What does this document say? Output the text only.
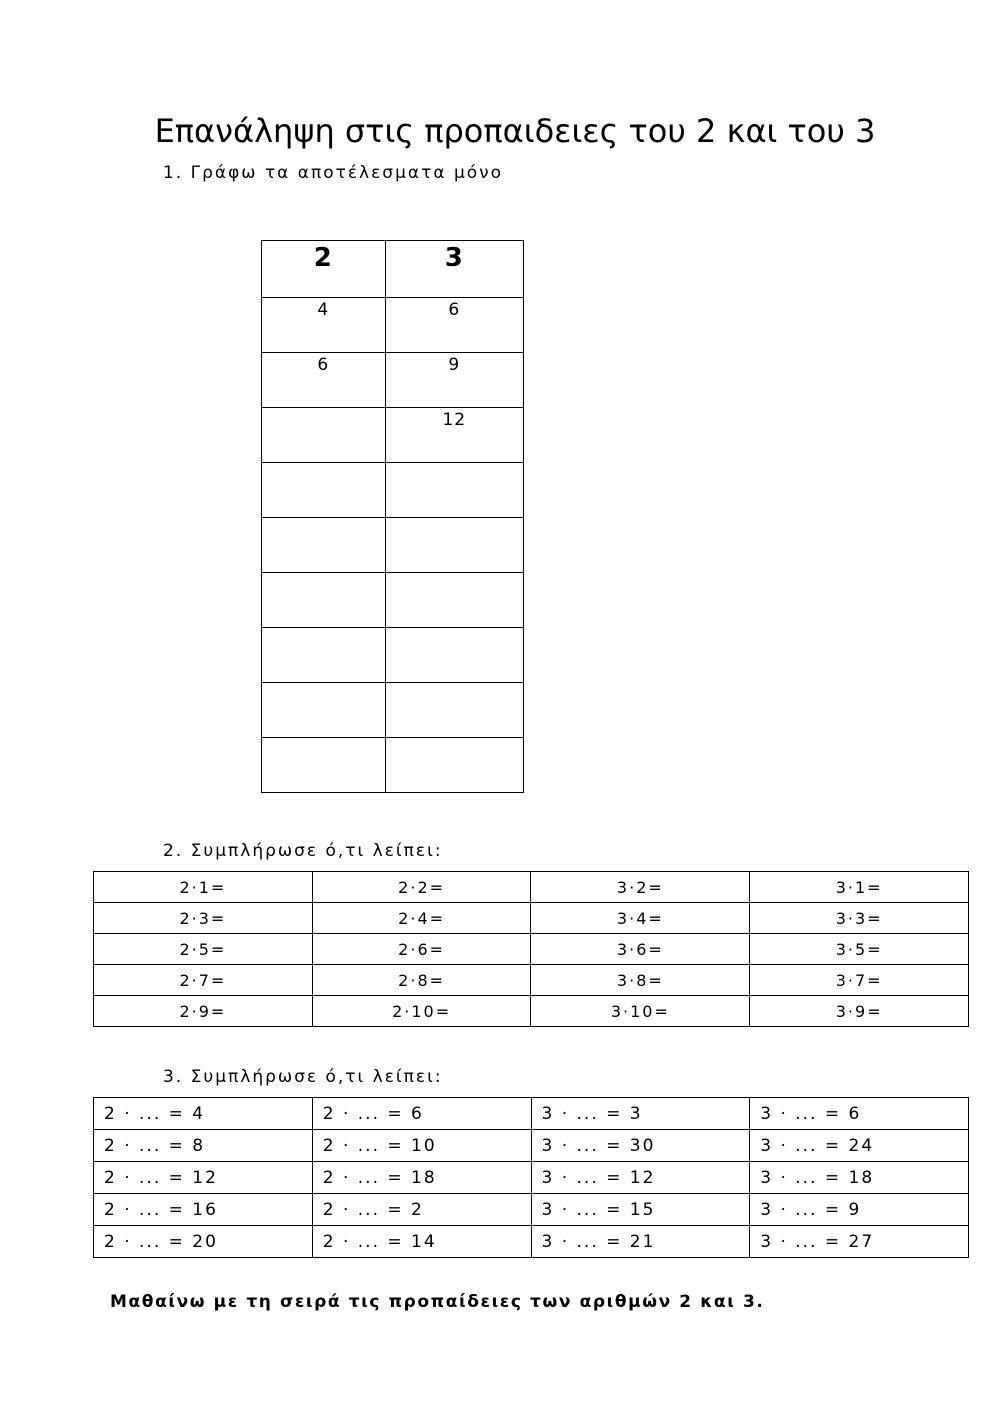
Επανάληψη στις προπαιδειες του 2 και του 3
1. Γράφω τα αποτέλεσματα μόνο
2	3
4	6
6	9
	12

2. Συμπλήρωσε ό,τι λείπει:
2·1=	2·2=	3·2=	3·1=
2·3=	2·4=	3·4=	3·3=
2·5=	2·6=	3·6=	3·5=
2·7=	2·8=	3·8=	3·7=
2·9=	2·10=	3·10=	3·9=
3. Συμπλήρωσε ό,τι λείπει:
2 · ... = 4	2 · ... = 6	3 · ... = 3	3 · ... = 6
2 · ... = 8	2 · ... = 10	3 · ... = 30	3 · ... = 24
2 · ... = 12	2 · ... = 18	3 · ... = 12	3 · ... = 18
2 · ... = 16	2 · ... = 2	3 · ... = 15	3 · ... = 9
2 · ... = 20	2 · ... = 14	3 · ... = 21	3 · ... = 27
Μαθαίνω με τη σειρά τις προπαίδειες των αριθμών 2 και 3.
